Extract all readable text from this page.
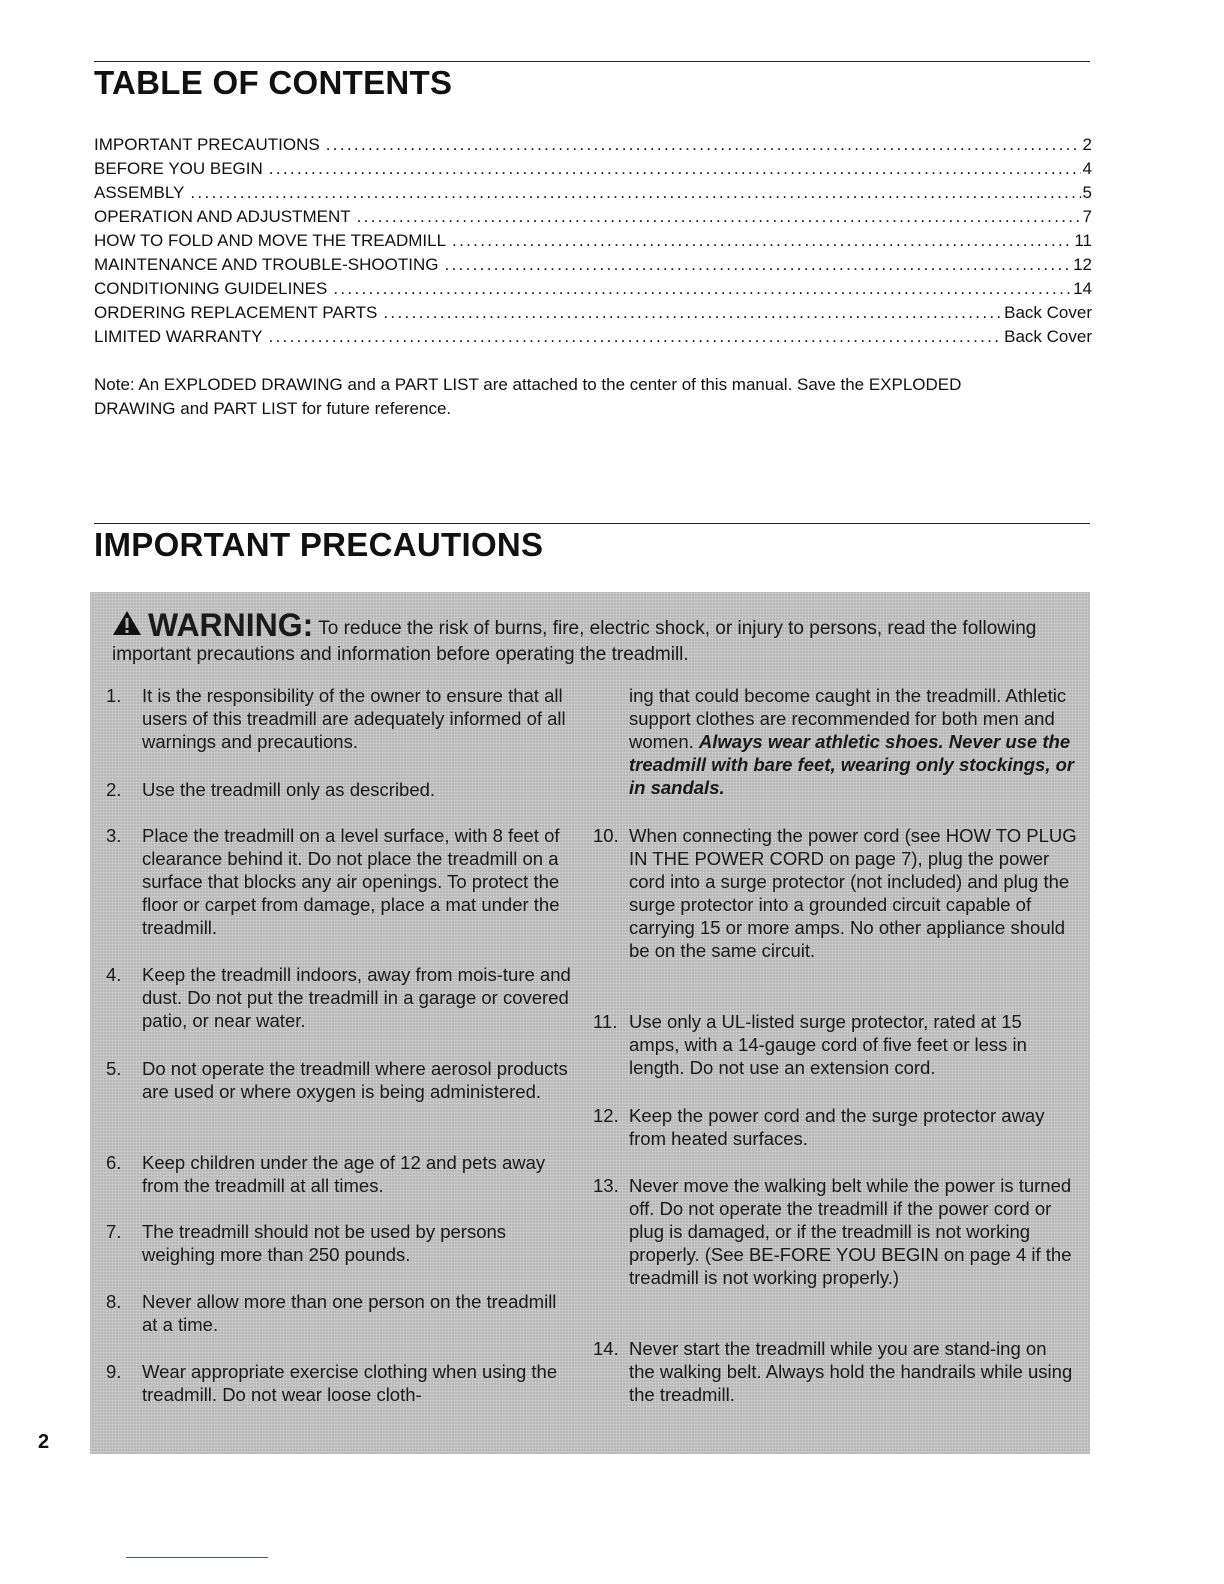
TABLE OF CONTENTS
IMPORTANT PRECAUTIONS . . .	2
BEFORE YOU BEGIN . . .	4
ASSEMBLY . . .	5
OPERATION AND ADJUSTMENT . . .	7
HOW TO FOLD AND MOVE THE TREADMILL . . .	11
MAINTENANCE AND TROUBLE-SHOOTING . . .	12
CONDITIONING GUIDELINES . . .	14
ORDERING REPLACEMENT PARTS . . .	Back Cover
LIMITED WARRANTY . . .	Back Cover

Note: An EXPLODED DRAWING and a PART LIST are attached to the center of this manual. Save the EXPLODED DRAWING and PART LIST for future reference.

IMPORTANT PRECAUTIONS

WARNING: To reduce the risk of burns, fire, electric shock, or injury to persons, read the following important precautions and information before operating the treadmill.

1.	It is the responsibility of the owner to ensure that all users of this treadmill are adequately informed of all warnings and precautions.
2.	Use the treadmill only as described.
3.	Place the treadmill on a level surface, with 8 feet of clearance behind it. Do not place the treadmill on a surface that blocks any air openings. To protect the floor or carpet from damage, place a mat under the treadmill.
4.	Keep the treadmill indoors, away from mois-ture and dust. Do not put the treadmill in a garage or covered patio, or near water.
5.	Do not operate the treadmill where aerosol products are used or where oxygen is being administered.
6.	Keep children under the age of 12 and pets away from the treadmill at all times.
7.	The treadmill should not be used by persons weighing more than 250 pounds.
8.	Never allow more than one person on the treadmill at a time.
9.	Wear appropriate exercise clothing when using the treadmill. Do not wear loose cloth-
ing that could become caught in the treadmill. Athletic support clothes are recommended for both men and women. Always wear athletic shoes. Never use the treadmill with bare feet, wearing only stockings, or in sandals.
10. When connecting the power cord (see HOW TO PLUG IN THE POWER CORD on page 7), plug the power cord into a surge protector (not included) and plug the surge protector into a grounded circuit capable of carrying 15 or more amps. No other appliance should be on the same circuit.
11. Use only a UL-listed surge protector, rated at 15 amps, with a 14-gauge cord of five feet or less in length. Do not use an extension cord.
12. Keep the power cord and the surge protector away from heated surfaces.
13. Never move the walking belt while the power is turned off. Do not operate the treadmill if the power cord or plug is damaged, or if the treadmill is not working properly. (See BE-FORE YOU BEGIN on page 4 if the treadmill is not working properly.)
14. Never start the treadmill while you are stand-ing on the walking belt. Always hold the handrails while using the treadmill.

2
